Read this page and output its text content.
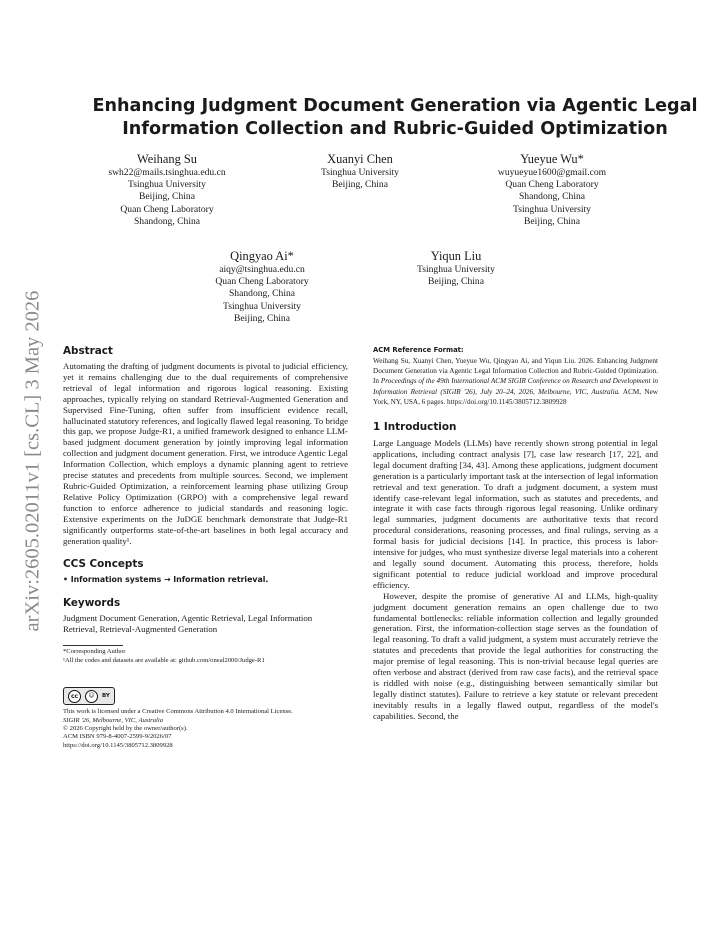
arXiv:2605.02011v1 [cs.CL] 3 May 2026
Enhancing Judgment Document Generation via Agentic Legal
Information Collection and Rubric-Guided Optimization
Weihang Su
swh22@mails.tsinghua.edu.cn
Tsinghua University
Beijing, China
Quan Cheng Laboratory
Shandong, China
Xuanyi Chen
Tsinghua University
Beijing, China
Yueyue Wu*
wuyueyue1600@gmail.com
Quan Cheng Laboratory
Shandong, China
Tsinghua University
Beijing, China
Qingyao Ai*
aiqy@tsinghua.edu.cn
Quan Cheng Laboratory
Shandong, China
Tsinghua University
Beijing, China
Yiqun Liu
Tsinghua University
Beijing, China
Abstract

Automating the drafting of judgment documents is pivotal to judicial efficiency, yet it remains challenging due to the dual requirements of comprehensive retrieval of legal information and rigorous logical reasoning. Existing approaches, typically relying on standard Retrieval-Augmented Generation and Supervised Fine-Tuning, often suffer from insufficient evidence recall, hallucinated statutory references, and logically flawed legal reasoning. To bridge this gap, we propose Judge-R1, a unified framework designed to enhance LLM-based judgment document generation by jointly improving legal information collection and judgment document generation. First, we introduce Agentic Legal Information Collection, which employs a dynamic planning agent to retrieve precise statutes and precedents from multiple sources. Second, we implement Rubric-Guided Optimization, a reinforcement learning phase utilizing Group Relative Policy Optimization (GRPO) with a comprehensive legal reward function to enforce adherence to judicial standards and reasoning logic. Extensive experiments on the JuDGE benchmark demonstrate that Judge-R1 significantly outperforms state-of-the-art baselines in both legal accuracy and generation quality¹.

CCS Concepts

• Information systems → Information retrieval.

Keywords

Judgment Document Generation, Agentic Retrieval, Legal Information Retrieval, Retrieval-Augmented Generation

*Corresponding Author

¹All the codes and datasets are available at: github.com/oneal2000/Judge-R1

cc	☺	BY

This work is licensed under a Creative Commons Attribution 4.0 International License.

SIGIR '26, Melbourne, VIC, Australia

© 2026 Copyright held by the owner/author(s).

ACM ISBN 979-8-4007-2599-9/2026/07

https://doi.org/10.1145/3805712.3809928

ACM Reference Format:

Weihang Su, Xuanyi Chen, Yueyue Wu, Qingyao Ai, and Yiqun Liu. 2026. Enhancing Judgment Document Generation via Agentic Legal Information Collection and Rubric-Guided Optimization. In Proceedings of the 49th International ACM SIGIR Conference on Research and Development in Information Retrieval (SIGIR '26), July 20–24, 2026, Melbourne, VIC, Australia. ACM, New York, NY, USA, 6 pages. https://doi.org/10.1145/3805712.3809928

1 Introduction

Large Language Models (LLMs) have recently shown strong potential in legal applications, including contract analysis [7], case law research [17, 22], and legal document drafting [34, 43]. Among these applications, judgment document generation is a particularly important task at the intersection of legal information retrieval and text generation. To draft a judgment document, a system must identify case-relevant legal information, such as statutes and precedents, and integrate it with case facts through rigorous legal reasoning. Unlike ordinary legal summaries, judgment documents are authoritative texts that record procedural considerations, reasoning processes, and final rulings, serving as a formal basis for judicial decisions [14]. In practice, this process is labor-intensive for judges, who must synthesize diverse legal materials into a coherent and legally sound document. Automating this process, therefore, holds significant potential to reduce judicial workload and improve procedural efficiency.

However, despite the promise of generative AI and LLMs, high-quality judgment document generation remains an open challenge due to two fundamental bottlenecks: reliable information collection and legally grounded generation. First, the information-collection stage serves as the foundation of legal reasoning. To draft a valid judgment, a system must accurately retrieve the statutes and precedents that provide the legal authorities for constructing the major premise of legal reasoning. This is non-trivial because legal queries are often verbose and abstract (derived from raw case facts), and the retrieval space is riddled with noise (e.g., distinguishing between semantically similar but legally distinct statutes). Failure to retrieve a key statute or relevant precedent inevitably results in a legally flawed output, regardless of the model's capabilities. Second, the
